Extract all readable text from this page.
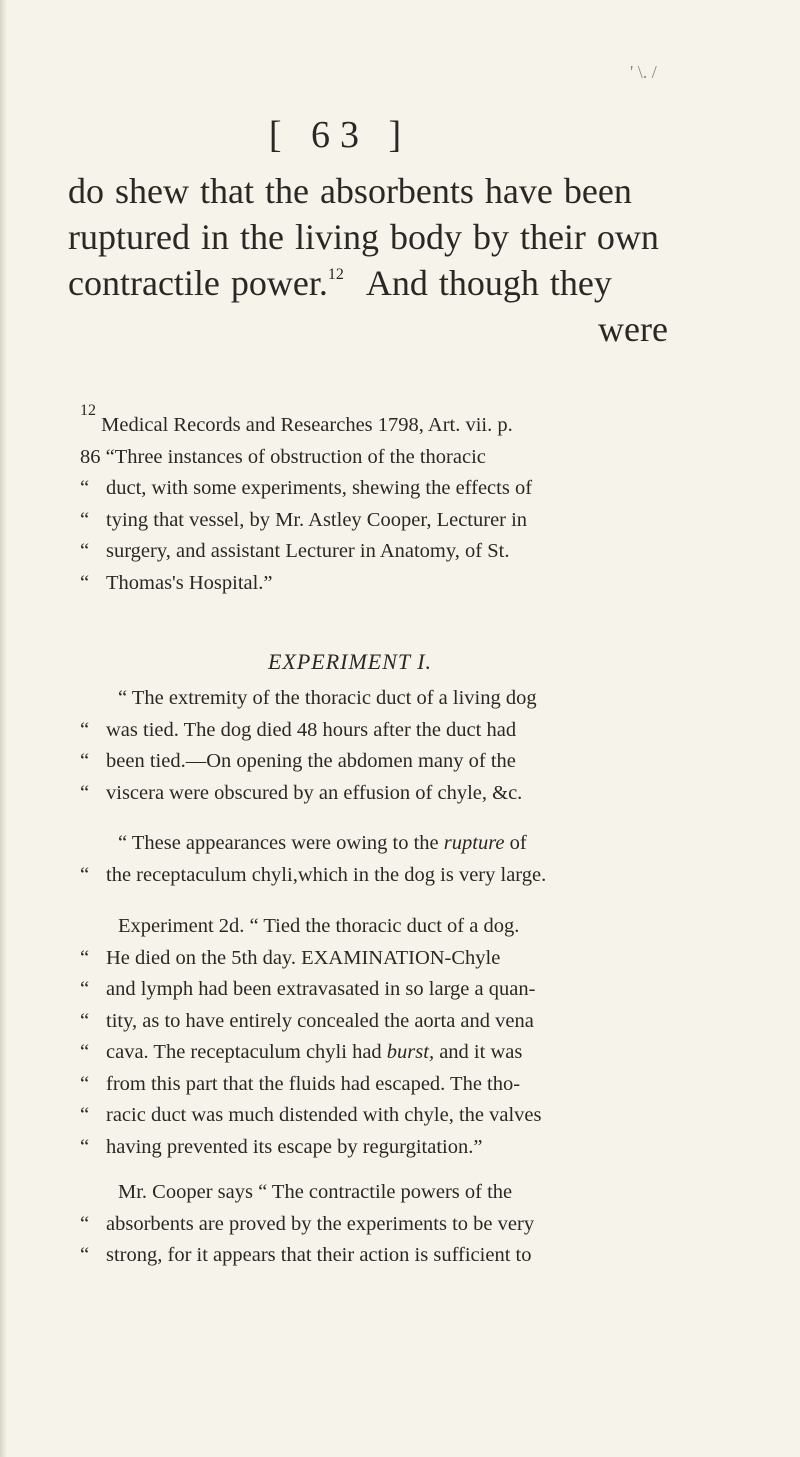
' \. /
[ 63 ]
do shew that the absorbents have been
ruptured in the living body by their own
contractile power.$^{12}$ And though they
were
$^{12}$ Medical Records and Researches 1798, Art. vii. p.
86 “Three instances of obstruction of the thoracic
“ duct, with some experiments, shewing the effects of
“ tying that vessel, by Mr. Astley Cooper, Lecturer in
“ surgery, and assistant Lecturer in Anatomy, of St.
“ Thomas's Hospital.”
EXPERIMENT I.
“ The extremity of the thoracic duct of a living dog
“ was tied. The dog died 48 hours after the duct had
“ been tied.—On opening the abdomen many of the
“ viscera were obscured by an effusion of chyle, &c.
“ These appearances were owing to the rupture of
“ the receptaculum chyli,which in the dog is very large.
Experiment 2d. “ Tied the thoracic duct of a dog.
“ He died on the 5th day. EXAMINATION-Chyle
“ and lymph had been extravasated in so large a quan-
“ tity, as to have entirely concealed the aorta and vena
“ cava. The receptaculum chyli had burst, and it was
“ from this part that the fluids had escaped. The tho-
“ racic duct was much distended with chyle, the valves
“ having prevented its escape by regurgitation.”
Mr. Cooper says “ The contractile powers of the
“ absorbents are proved by the experiments to be very
“ strong, for it appears that their action is sufficient to
